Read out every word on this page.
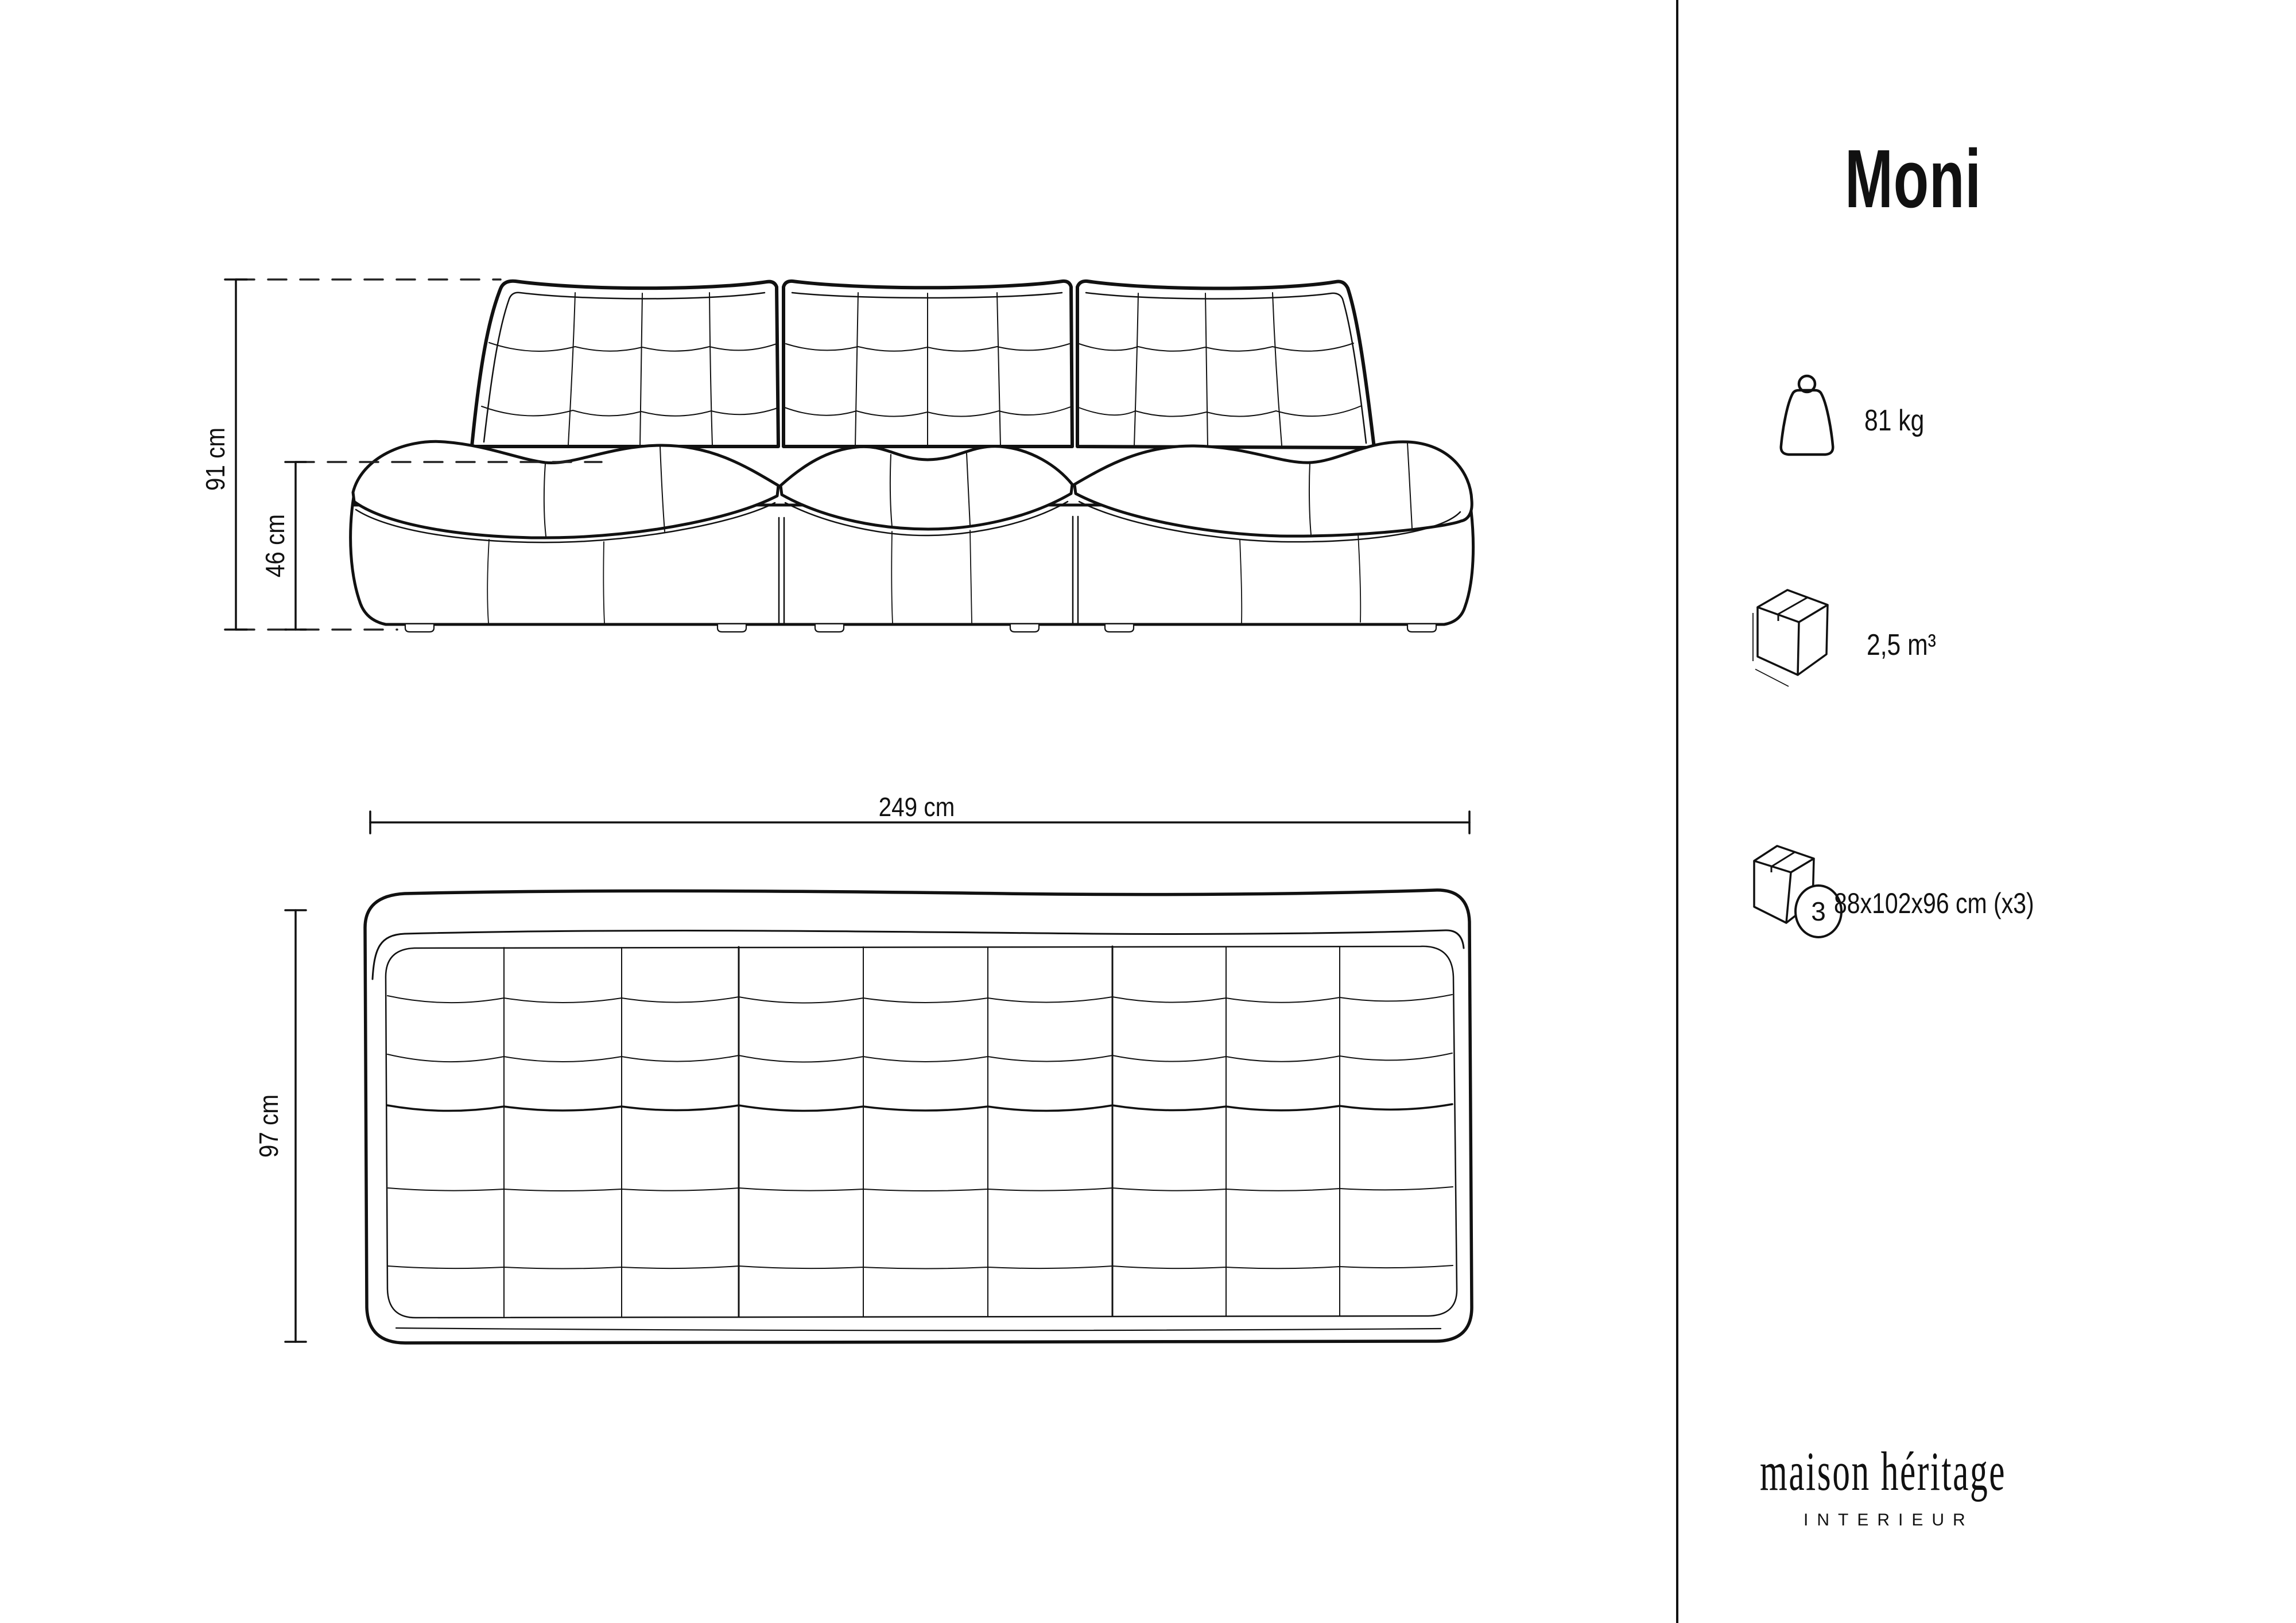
91 cm
46 cm
249 cm
97 cm
Moni
81 kg
2,5 m³
3 88x102x96 cm (x3)
maison héritage
INTERIEUR
